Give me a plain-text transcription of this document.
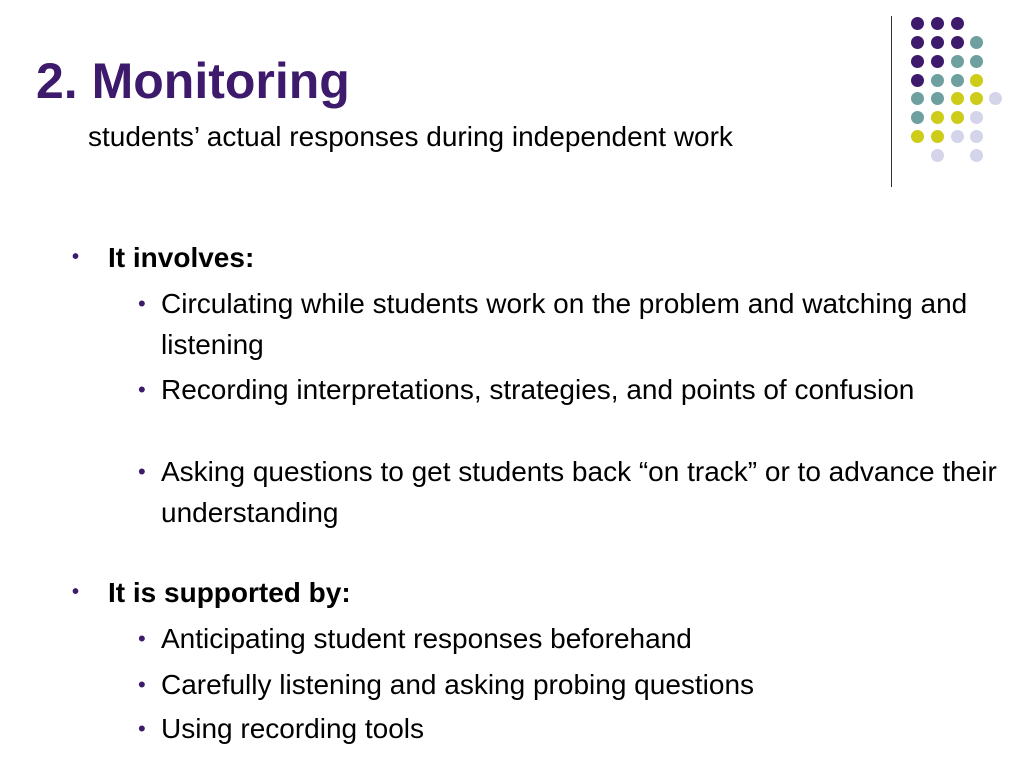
2. Monitoring
students’ actual responses during independent work
• It involves:
• Circulating while students work on the problem and watching and listening
• Recording interpretations, strategies, and points of confusion
• Asking questions to get students back “on track” or to advance their understanding
• It is supported by:
• Anticipating student responses beforehand
• Carefully listening and asking probing questions
• Using recording tools
